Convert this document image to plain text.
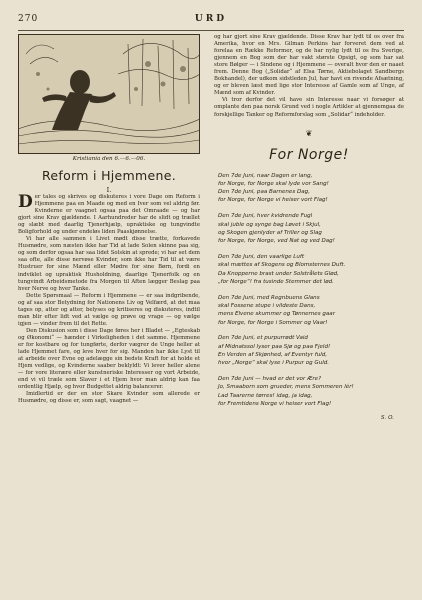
270	URD
Kristiania den 6.—6.—06.
Reform i Hjemmene.
I.

Der tales og skrives og diskuteres i vore Dage om Reform i Hjemmene paa en Maade og med en Iver som vel aldrig før. Kvinderne er vaagnet ogsaa paa det Omraade — og har gjort sine Krav gjældende. I Aarhundreder har de slidt og trællet og slæbt med daarlig Tjenerhjælp, upraktiske og tungvindte Boligforhold og under endeløs liden Paaskjønnelse.

Vi har alle sammen i Livet mødt disse trætte, forkavede Husmødre, som næsten ikke har Tid at lade Solen skinne paa sig, og som derfor ogsaa har saa lidet Solskin at sprede; vi har set dem saa ofte, alle disse nervøse Kvinder, som ikke har Tid til at være Hustruer for sine Mænd eller Mødre for sine Børn, fordi en indviklet og upraktisk Husholdning, daarlige Tjenerfolk og en tungvindt Arbeidsmetode fra Morgen til Aften lægger Beslag paa hver Nerve og hver Tanke.

Dette Spørsmaal — Reform i Hjemmene — er saa indgribende, og af saa stor Betydning for Nationens Liv og Velfærd, at det maa tages op, atter og atter, belyses og kritiseres og diskuteres, indtil man blir efter lidt ved at vælge og prøve og vrage — og vælge igjen — vinder frem til det Rette.

Den Diskusion som i disse Dage føres her i Bladet — „Egteskab og Økonomi“ — hænder i Virkeligheden i det samme. Hjemmene er for kostbare og for tungførte, derfor vægrer de Unge heller at lade Hjemmet fare, og leve hver for sig. Manden har ikke Lyst til at arbeide over Evne og adelægge sin bedste Kraft for at holde et Hjem vedlige, og Kvinderne saaber beklyldt: Vi lever heller alene — for vore literære eller kunstneriske Interesser og vort Arbeide, end vi vil træle som Slaver i et Hjem hvor man aldrig kan faa ordentlig Hjælp, og hvor Budgettet aldrig balancerer.

Imidlertid er der en stor Skare Kvinder som allerede er Husmødre, og disse er, som sagt, vaagnet —

og har gjort sine Krav gjældende. Disse Krav har lydt til os over fra Amerika, hvor en Mrs. Gilman Perkins har forveret dem ved at forelaa en Række Reformer, og de har nylig lydt til os fra Sverige, gjennem en Bog som der har vakt største Opsigt, og som har sat store Bølger — i Sindene og i Hjemmene — overalt hvor den er naaet frem. Denne Bog („Solidar“ af Elsa Tørne, Aktiebolaget Sandbergs Bokhandel), der udkom sidstleden Jul, har havt en rivende Afsætning, og er bleven læst med lige stor Interesse af Gamle som af Unge, af Mænd som af Kvinder.

Vi tror derfor det vil have sin Interesse naar vi forsøger at omplante den paa norsk Grund ved i nogle Artikler at gjennemgaa de forskjellige Tanker og Reformforslag som „Solidar“ indeholder.

❦
For Norge!
Den 7de Juni, naar Dagen er lang,
for Norge, for Norge skal lyde vor Sang!
Den 7de Juni, paa Barnenes Dag,
for Norge, for Norge vi heiser vort Flag!
Den 7de Juni, hver kvidrende Fugl
skal juble og synge bag Løvet i Skjul,
og Skogen gjenlyder af Triller og Slag
for Norge, for Norge, ved Nat og ved Dag!
Den 7de Juni, den vaarlige Luft
skal mættes af Skogens og Blomsternes Duft.
Da Knopperne brast under Solstrålets Glød,
„for Norge“! fra tusinde Stemmer det lød.
Den 7de Juni, med Regnbuens Glans
skal Fossene stupe i vildeste Dans,
mens Elvene skummer og Tønnernes gaar
for Norge, for Norge i Sommer og Vaar!
Den 7de Juni, et purpurrødt Vaid
af Midnatssol lyser paa Sjø og paa Fjeld!
En Verden af Skjønhed, af Eventyr fuld,
hvor „Norge“ skal lyse i Purpur og Guld.
Den 7de Juni — hvad er det vor Ære?
Jo, Smaaborn som grueder, mens Sommeren lér!
Lad Taarerne tørres! idag, ja idag,
for Fremtidens Norge vi heiser vort Flag!
S. O.
